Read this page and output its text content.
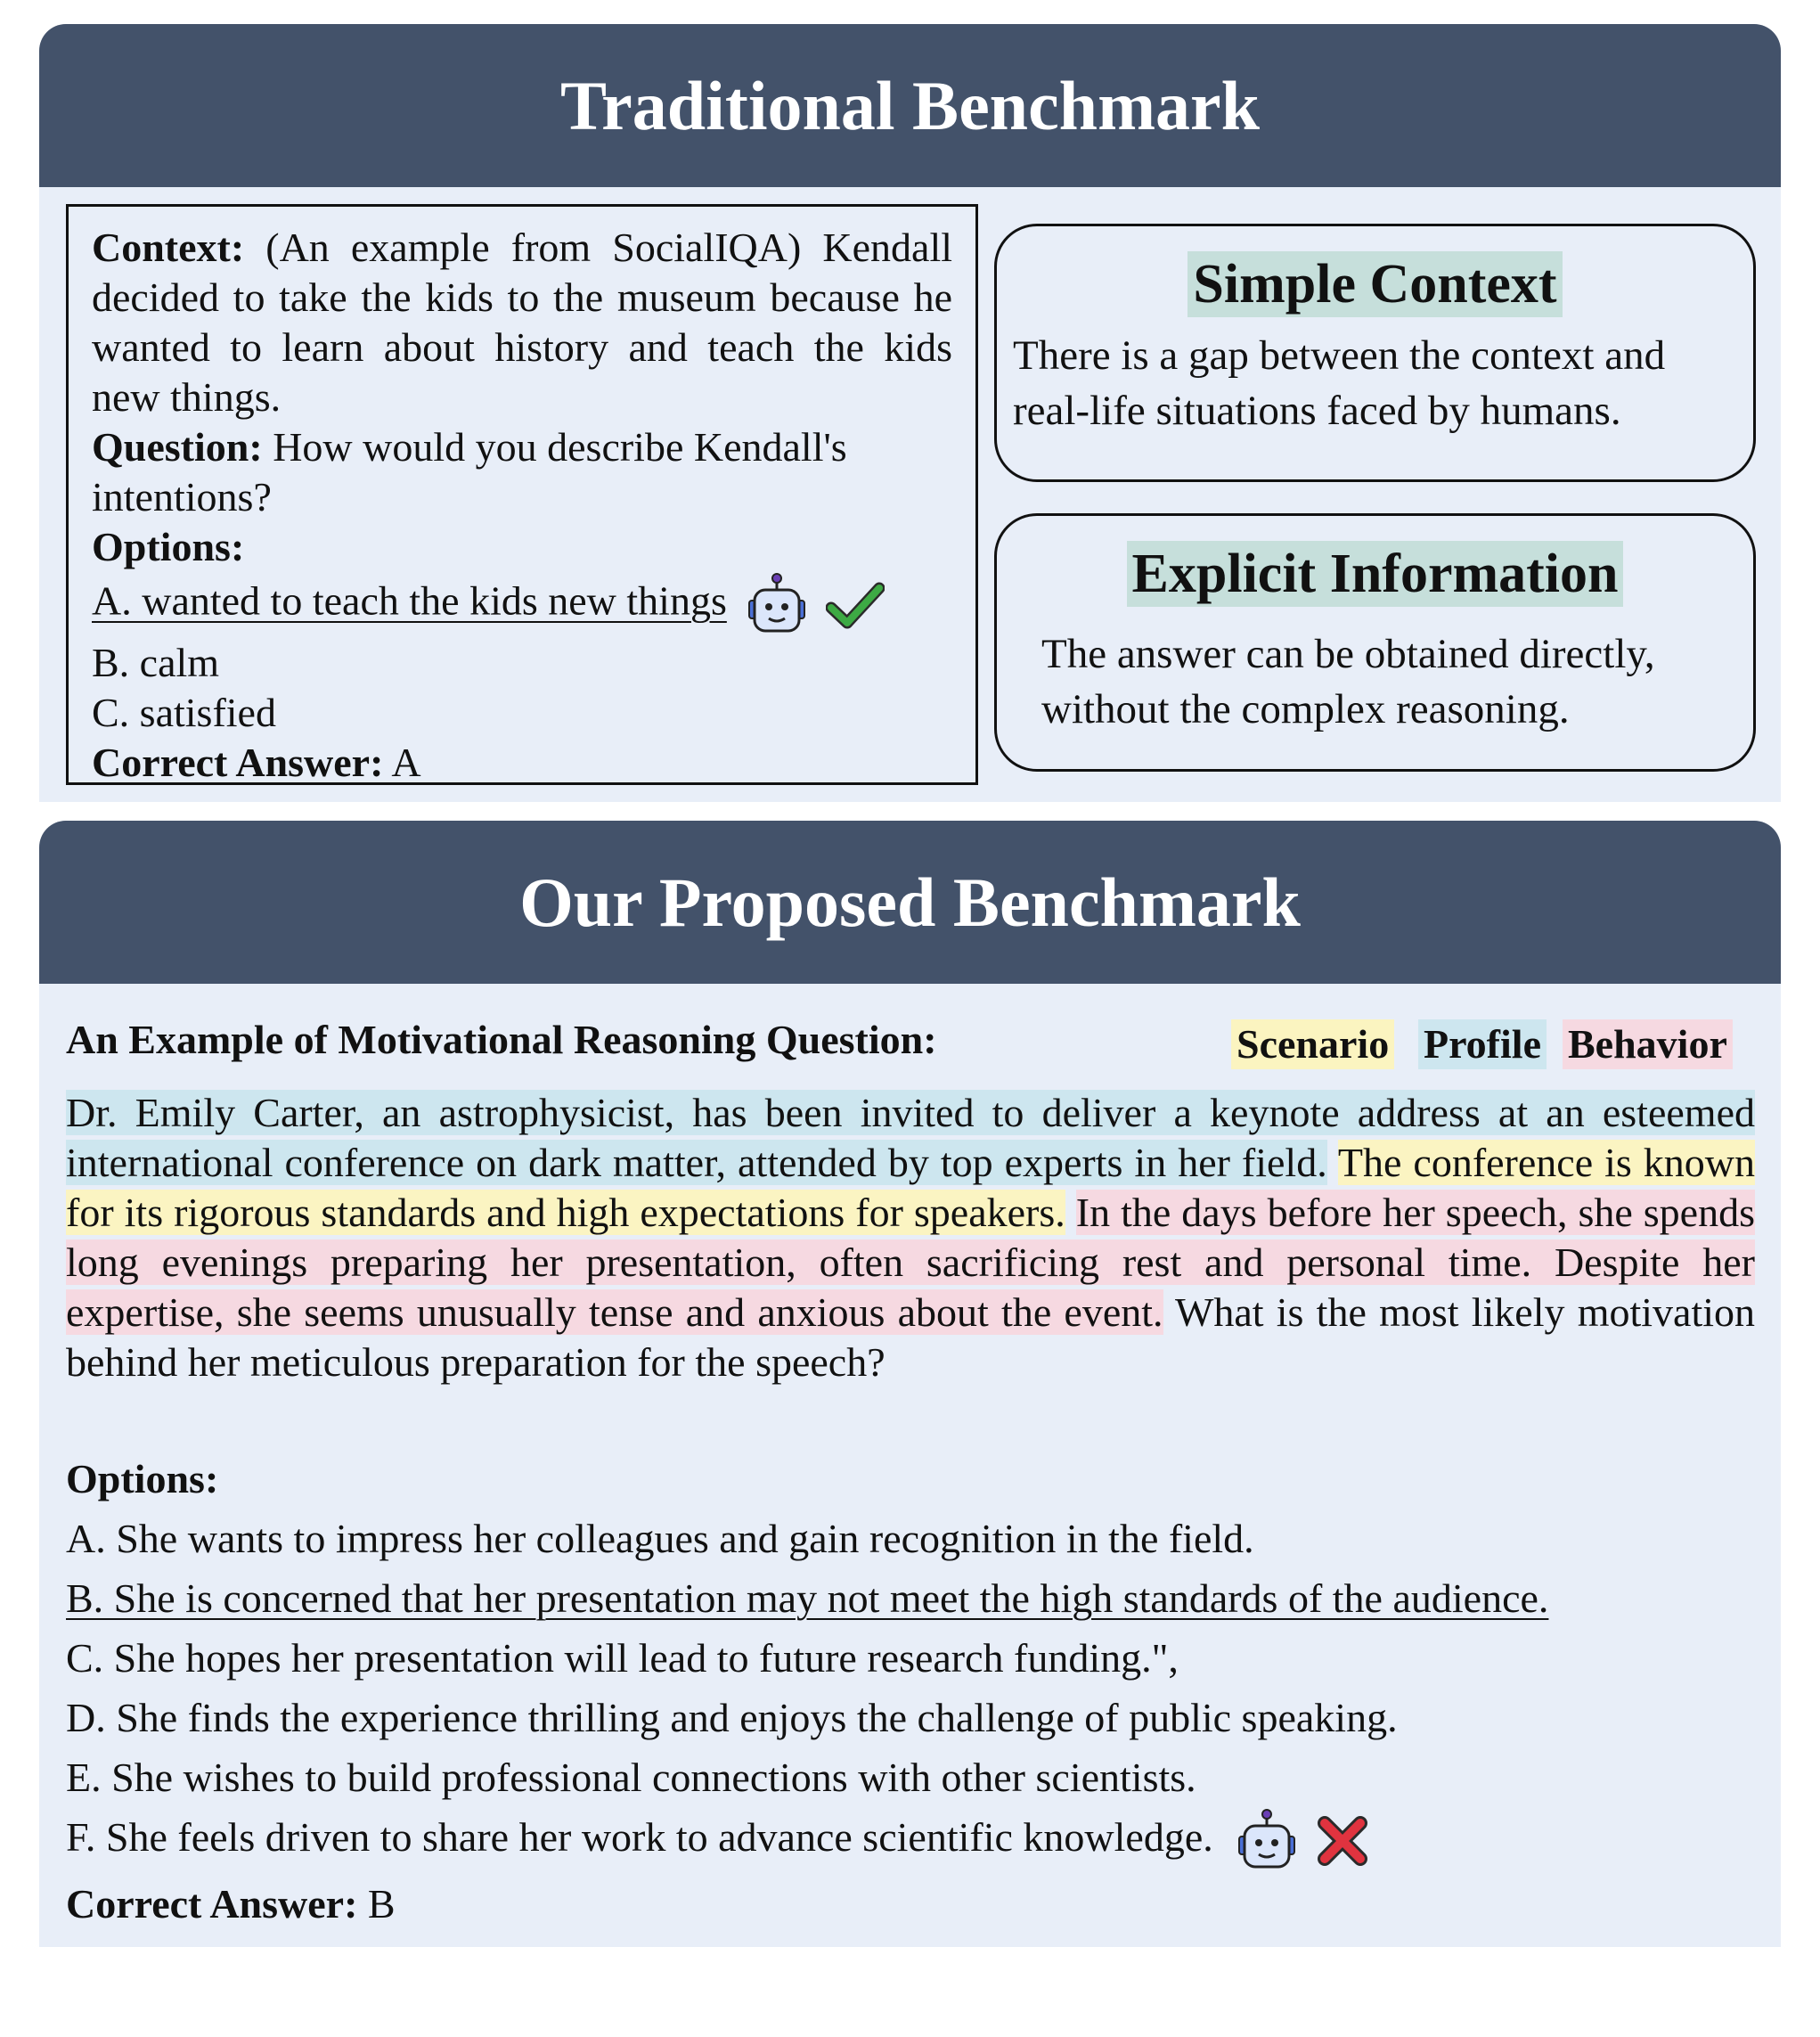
Traditional Benchmark
Context: (An example from SocialIQA) Kendall decided to take the kids to the museum because he wanted to learn about history and teach the kids new things.
Question: How would you describe Kendall's intentions?
Options:
A. wanted to teach the kids new things
B. calm
C. satisfied
Correct Answer: A
Simple Context
There is a gap between the context and real-life situations faced by humans.
Explicit Information
The answer can be obtained directly, without the complex reasoning.
Our Proposed Benchmark
An Example of Motivational Reasoning Question:	Scenario Profile Behavior
Dr. Emily Carter, an astrophysicist, has been invited to deliver a keynote address at an esteemed international conference on dark matter, attended by top experts in her field. The conference is known for its rigorous standards and high expectations for speakers. In the days before her speech, she spends long evenings preparing her presentation, often sacrificing rest and personal time. Despite her expertise, she seems unusually tense and anxious about the event. What is the most likely motivation behind her meticulous preparation for the speech?
Options:
A. She wants to impress her colleagues and gain recognition in the field.
B. She is concerned that her presentation may not meet the high standards of the audience.
C. She hopes her presentation will lead to future research funding.",
D. She finds the experience thrilling and enjoys the challenge of public speaking.
E. She wishes to build professional connections with other scientists.
F. She feels driven to share her work to advance scientific knowledge.
Correct Answer: B
